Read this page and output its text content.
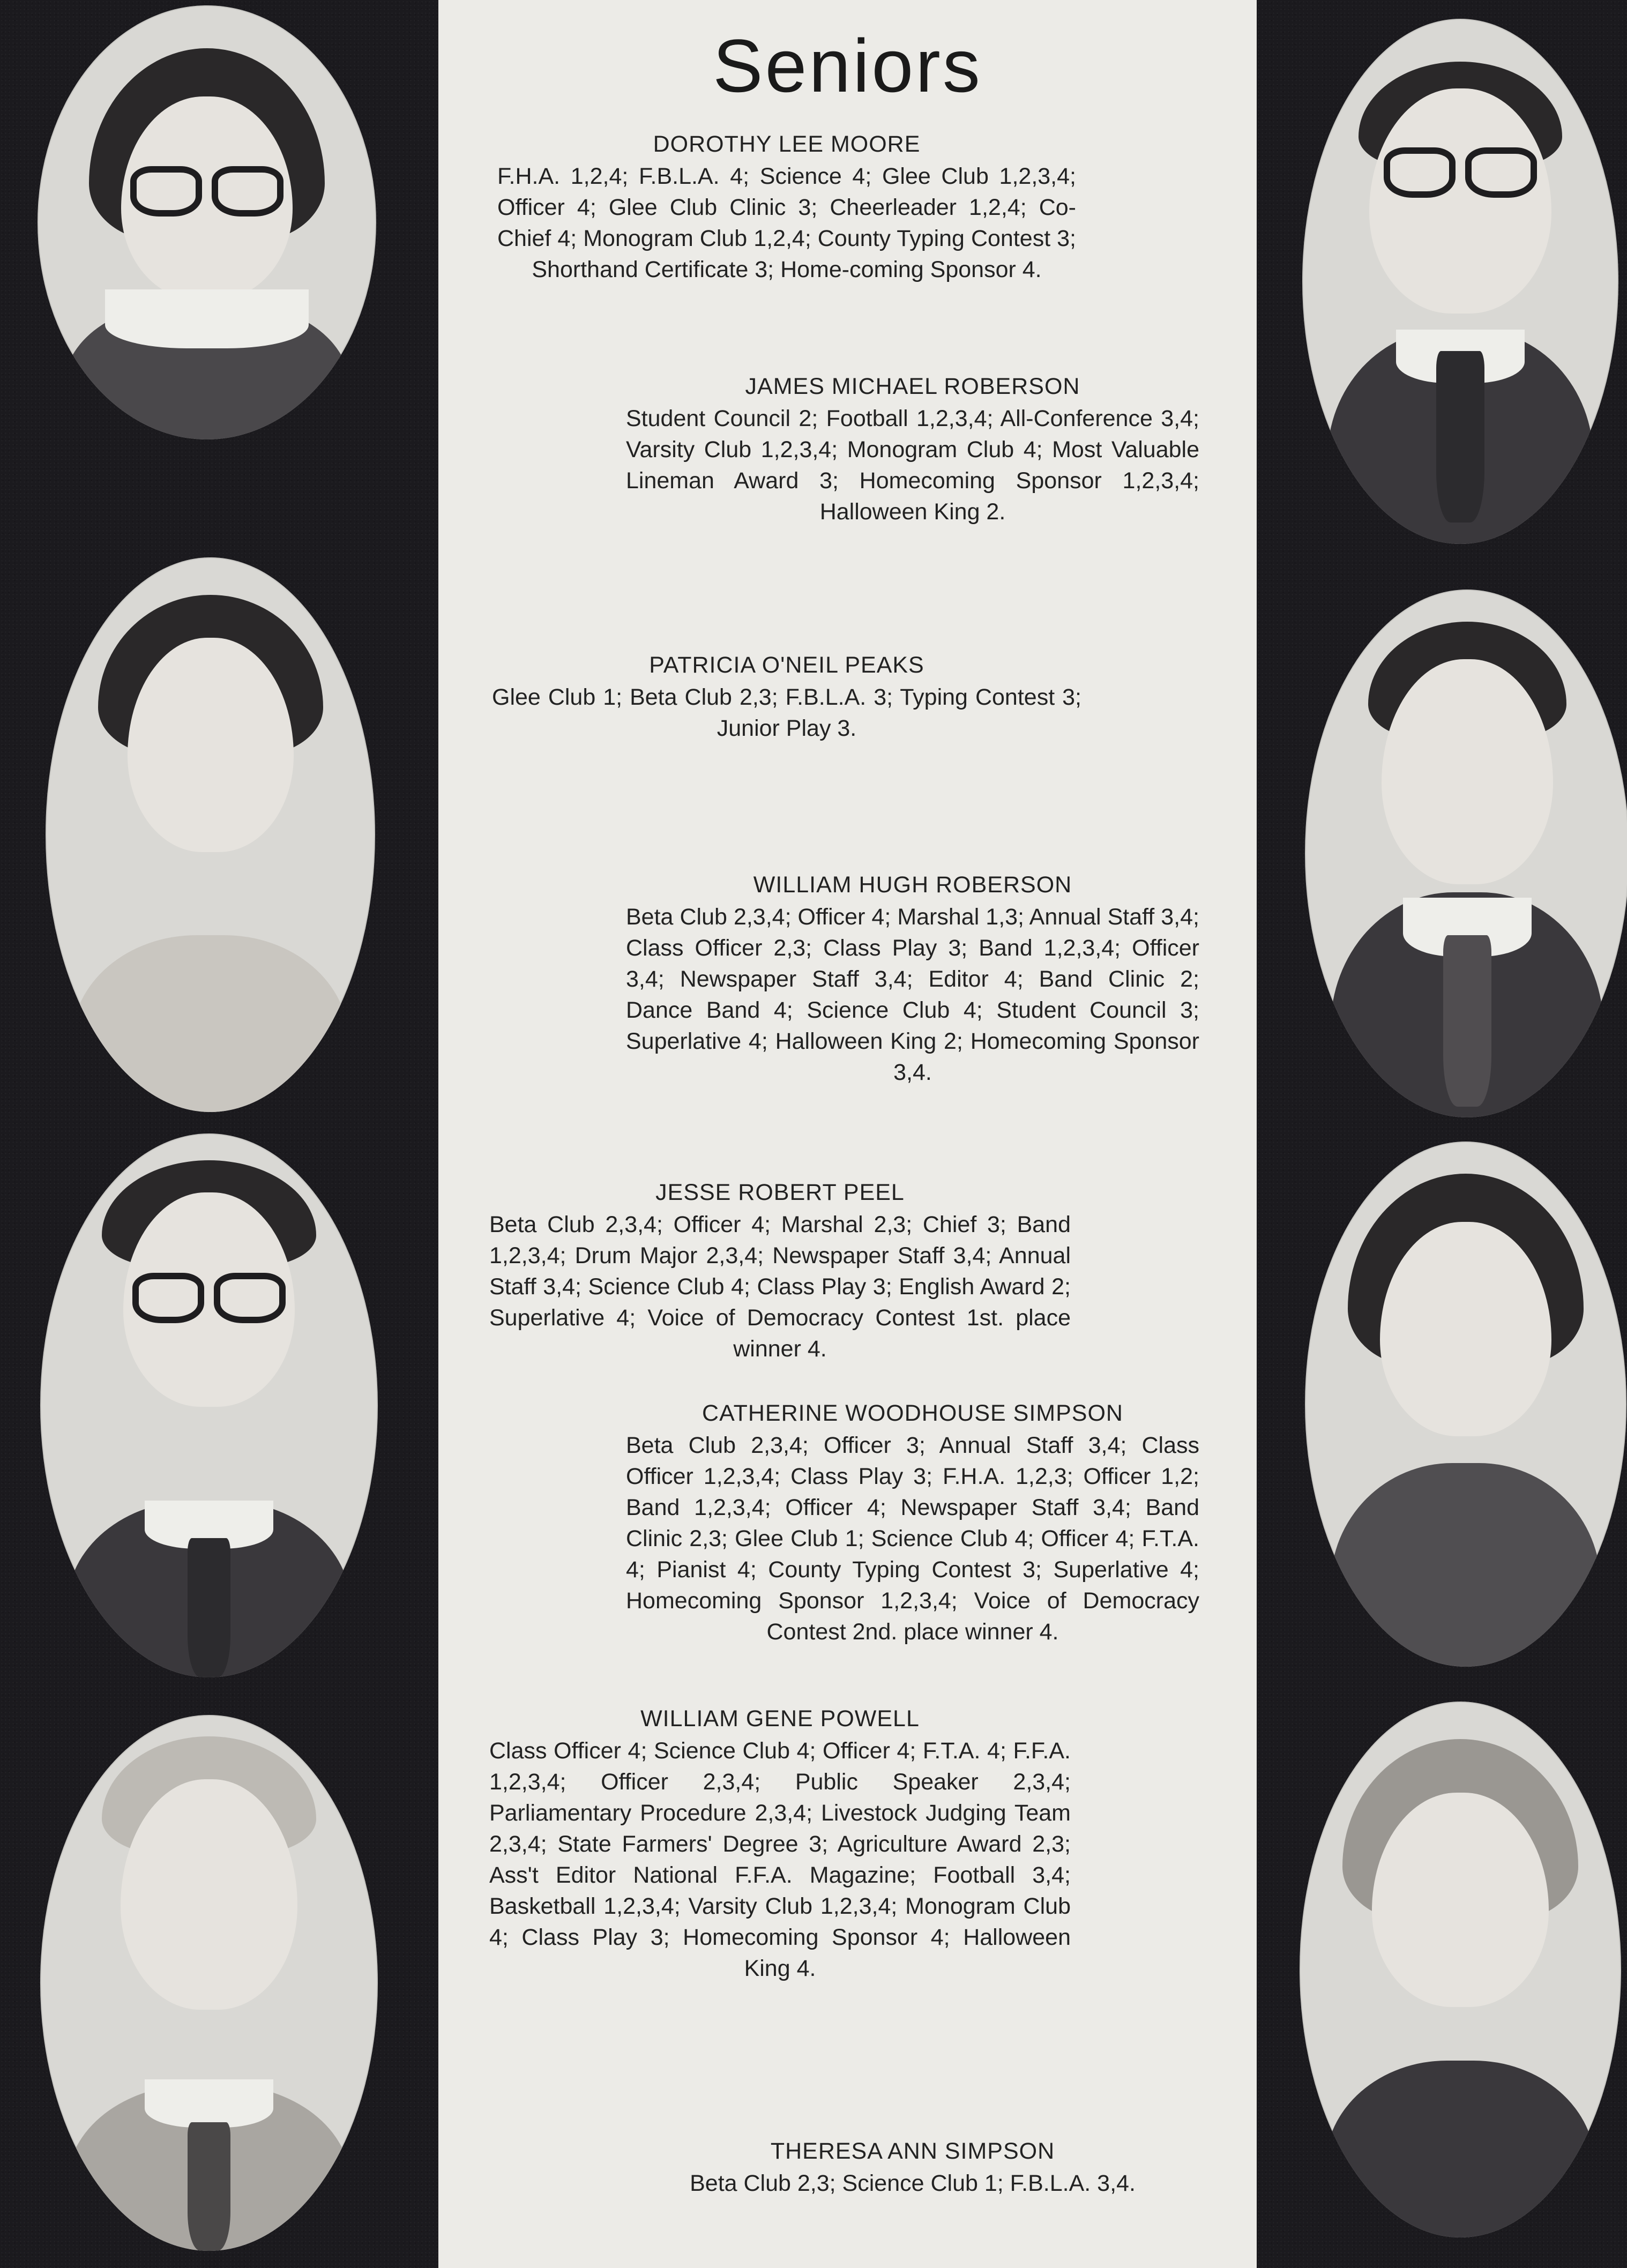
Seniors
DOROTHY LEE MOORE
F.H.A. 1,2,4; F.B.L.A. 4; Science 4; Glee Club 1,2,3,4; Officer 4; Glee Club Clinic 3; Cheerleader 1,2,4; Co-Chief 4; Monogram Club 1,2,4; County Typing Contest 3; Shorthand Certificate 3; Home-coming Sponsor 4.
JAMES MICHAEL ROBERSON
Student Council 2; Football 1,2,3,4; All-Conference 3,4; Varsity Club 1,2,3,4; Monogram Club 4; Most Valuable Lineman Award 3; Homecoming Sponsor 1,2,3,4; Halloween King 2.
PATRICIA O'NEIL PEAKS
Glee Club 1; Beta Club 2,3; F.B.L.A. 3; Typing Contest 3; Junior Play 3.
WILLIAM HUGH ROBERSON
Beta Club 2,3,4; Officer 4; Marshal 1,3; Annual Staff 3,4; Class Officer 2,3; Class Play 3; Band 1,2,3,4; Officer 3,4; Newspaper Staff 3,4; Editor 4; Band Clinic 2; Dance Band 4; Science Club 4; Student Council 3; Superlative 4; Halloween King 2; Homecoming Sponsor 3,4.
JESSE ROBERT PEEL
Beta Club 2,3,4; Officer 4; Marshal 2,3; Chief 3; Band 1,2,3,4; Drum Major 2,3,4; Newspaper Staff 3,4; Annual Staff 3,4; Science Club 4; Class Play 3; English Award 2; Superlative 4; Voice of Democracy Contest 1st. place winner 4.
CATHERINE WOODHOUSE SIMPSON
Beta Club 2,3,4; Officer 3; Annual Staff 3,4; Class Officer 1,2,3,4; Class Play 3; F.H.A. 1,2,3; Officer 1,2; Band 1,2,3,4; Officer 4; Newspaper Staff 3,4; Band Clinic 2,3; Glee Club 1; Science Club 4; Officer 4; F.T.A. 4; Pianist 4; County Typing Contest 3; Superlative 4; Homecoming Sponsor 1,2,3,4; Voice of Democracy Contest 2nd. place winner 4.
WILLIAM GENE POWELL
Class Officer 4; Science Club 4; Officer 4; F.T.A. 4; F.F.A. 1,2,3,4; Officer 2,3,4; Public Speaker 2,3,4; Parliamentary Procedure 2,3,4; Livestock Judging Team 2,3,4; State Farmers' Degree 3; Agriculture Award 2,3; Ass't Editor National F.F.A. Magazine; Football 3,4; Basketball 1,2,3,4; Varsity Club 1,2,3,4; Monogram Club 4; Class Play 3; Homecoming Sponsor 4; Halloween King 4.
THERESA ANN SIMPSON
Beta Club 2,3; Science Club 1; F.B.L.A. 3,4.
